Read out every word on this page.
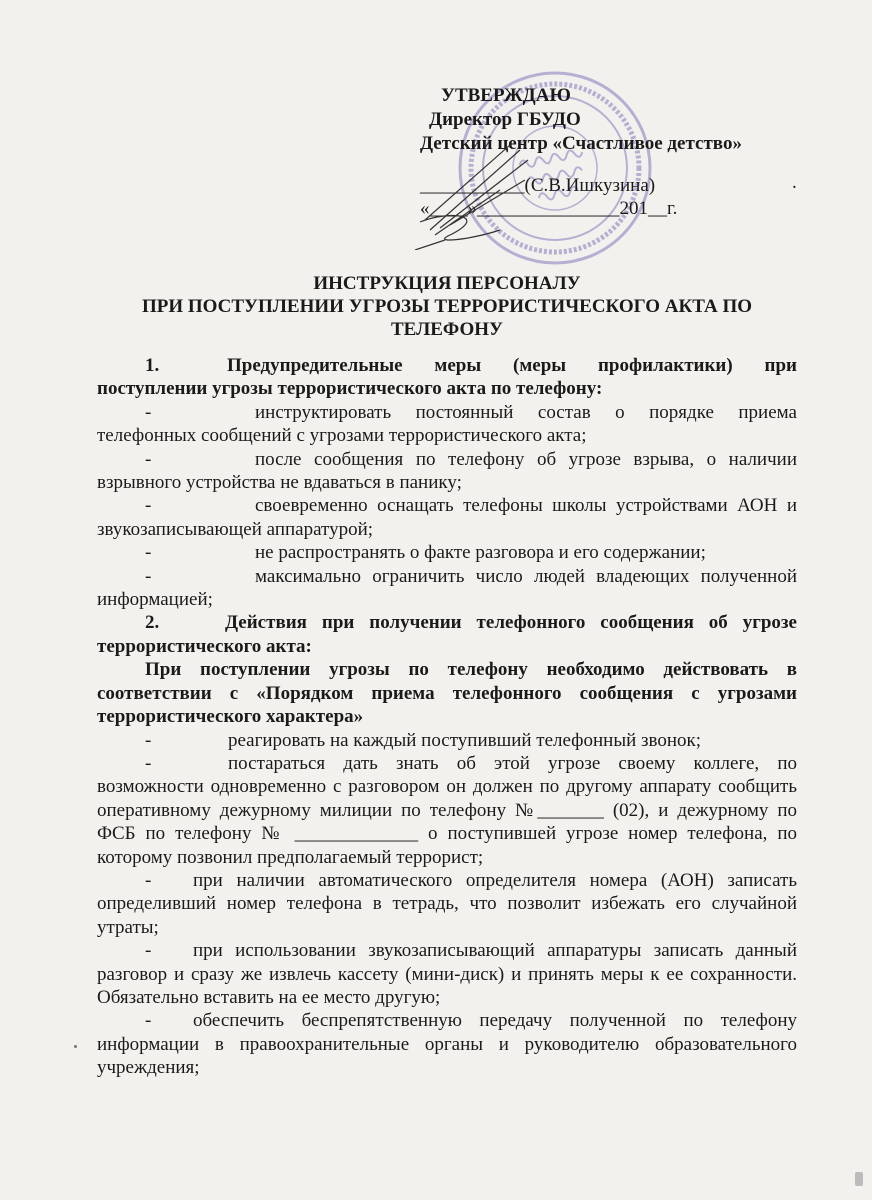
УТВЕРЖДАЮ
Директор ГБУДО
Детский центр «Счастливое детство»
___________(С.В.Ишкузина)
«____»_______________201__г.
.
ИНСТРУКЦИЯ ПЕРСОНАЛУ
ПРИ ПОСТУПЛЕНИИ УГРОЗЫ ТЕРРОРИСТИЧЕСКОГО АКТА ПО
ТЕЛЕФОНУ

1.	Предупредительные меры (меры профилактики) при поступлении угрозы террористического акта по телефону:

-	инструктировать постоянный состав о порядке приема телефонных сообщений с угрозами террористического акта;

-	после сообщения по телефону об угрозе взрыва, о наличии взрывного устройства не вдаваться в панику;

-	своевременно оснащать телефоны школы устройствами АОН и звукозаписывающей аппаратурой;

-	не распространять о факте разговора и его содержании;

-	максимально ограничить число людей владеющих полученной информацией;

2.	Действия при получении телефонного сообщения об угрозе террористического акта:

При поступлении угрозы по телефону необходимо действовать в соответствии с «Порядком приема телефонного сообщения с угрозами террористического характера»

-	реагировать на каждый поступивший телефонный звонок;

-	постараться дать знать об этой угрозе своему коллеге, по возможности одновременно с разговором он должен по другому аппарату сообщить оперативному дежурному милиции по телефону №_______ (02), и дежурному по ФСБ по телефону № _____________ о поступившей угрозе номер телефона, по которому позвонил предполагаемый террорист;

- при наличии автоматического определителя номера (АОН) записать определивший номер телефона в тетрадь, что позволит избежать его случайной утраты;

- при использовании звукозаписывающий аппаратуры записать данный разговор и сразу же извлечь кассету (мини-диск) и принять меры к ее сохранности. Обязательно вставить на ее место другую;

- обеспечить беспрепятственную передачу полученной по телефону информации в правоохранительные органы и руководителю образовательного учреждения;
